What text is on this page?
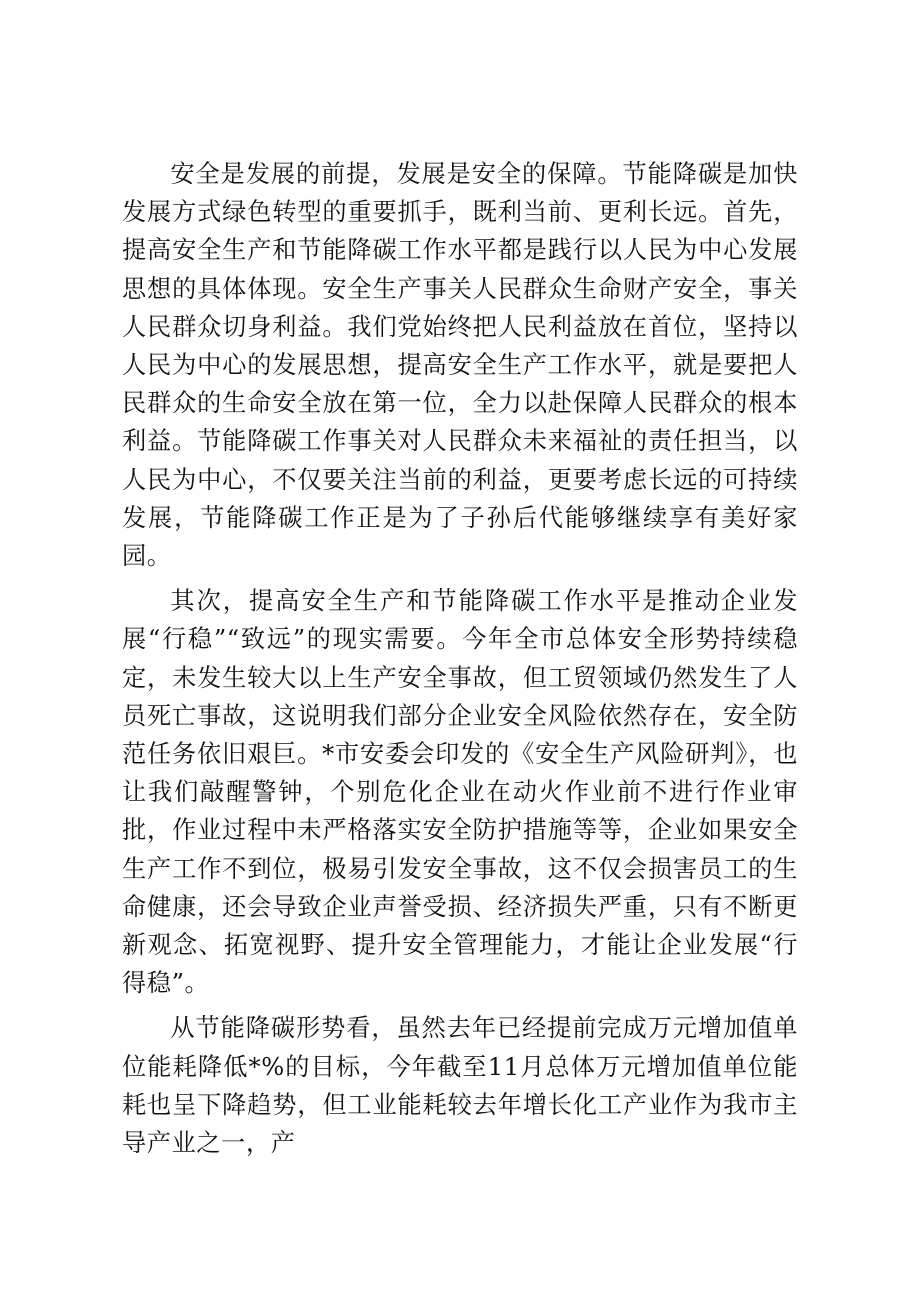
安全是发展的前提，发展是安全的保障。节能降碳是加快发展方式绿色转型的重要抓手，既利当前、更利长远。首先，提高安全生产和节能降碳工作水平都是践行以人民为中心发展思想的具体体现。安全生产事关人民群众生命财产安全，事关人民群众切身利益。我们党始终把人民利益放在首位，坚持以人民为中心的发展思想，提高安全生产工作水平，就是要把人民群众的生命安全放在第一位，全力以赴保障人民群众的根本利益。节能降碳工作事关对人民群众未来福祉的责任担当，以人民为中心，不仅要关注当前的利益，更要考虑长远的可持续发展，节能降碳工作正是为了子孙后代能够继续享有美好家园。

其次，提高安全生产和节能降碳工作水平是推动企业发展“行稳”“致远”的现实需要。今年全市总体安全形势持续稳定，未发生较大以上生产安全事故，但工贸领域仍然发生了人员死亡事故，这说明我们部分企业安全风险依然存在，安全防范任务依旧艰巨。*市安委会印发的《安全生产风险研判》，也让我们敲醒警钟，个别危化企业在动火作业前不进行作业审批，作业过程中未严格落实安全防护措施等等，企业如果安全生产工作不到位，极易引发安全事故，这不仅会损害员工的生命健康，还会导致企业声誉受损、经济损失严重，只有不断更新观念、拓宽视野、提升安全管理能力，才能让企业发展“行得稳”。

从节能降碳形势看，虽然去年已经提前完成万元增加值单位能耗降低*%的目标，今年截至11月总体万元增加值单位能耗也呈下降趋势，但工业能耗较去年增长化工产业作为我市主导产业之一，产
